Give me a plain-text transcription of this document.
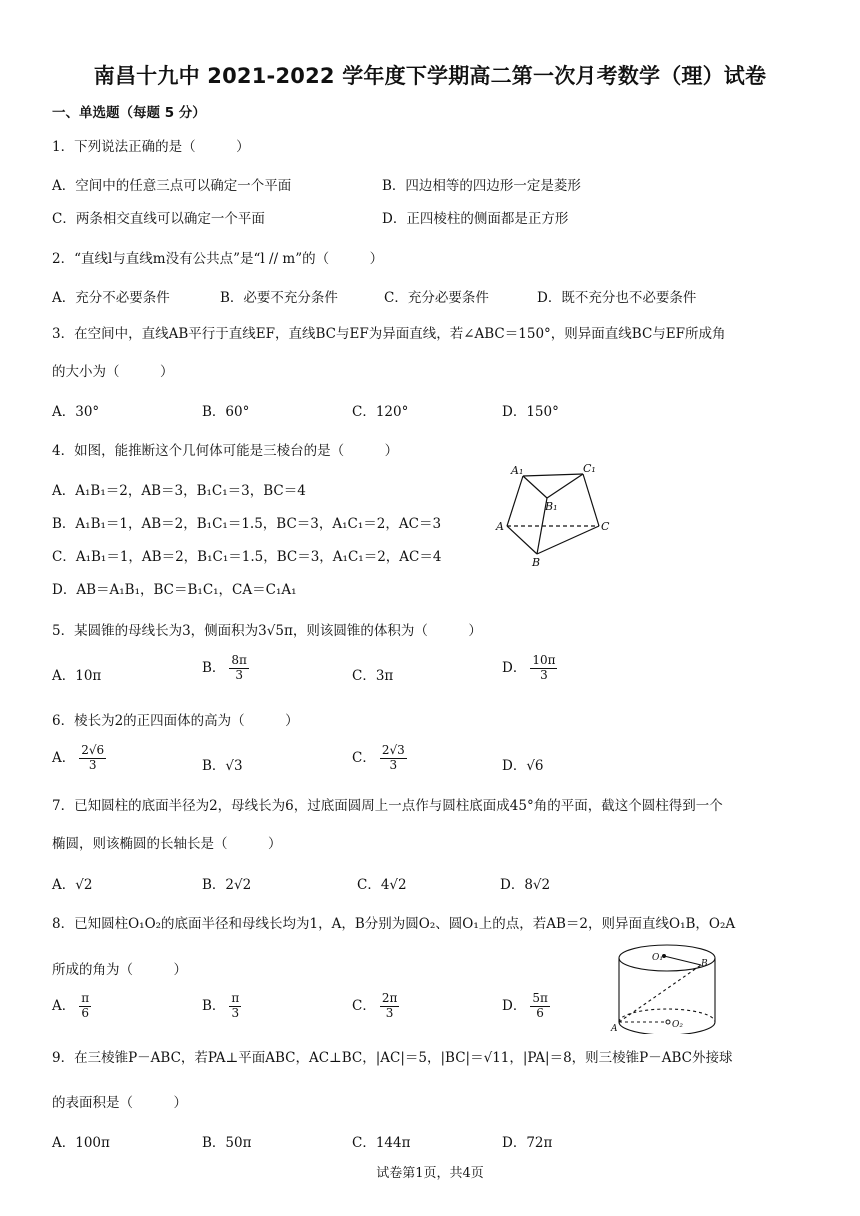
南昌十九中 2021-2022 学年度下学期高二第一次月考数学（理）试卷
一、单选题（每题 5 分）
1．下列说法正确的是（　　　）
A．空间中的任意三点可以确定一个平面	B．四边相等的四边形一定是菱形
C．两条相交直线可以确定一个平面	D．正四棱柱的侧面都是正方形
2．“直线l与直线m没有公共点”是“l // m”的（　　　）
A．充分不必要条件	B．必要不充分条件	C．充分必要条件	D．既不充分也不必要条件
3．在空间中，直线AB平行于直线EF，直线BC与EF为异面直线，若∠ABC＝150°，则异面直线BC与EF所成角
的大小为（　　　）
A．30°	B．60°	C．120°	D．150°
4．如图，能推断这个几何体可能是三棱台的是（　　　）
A．A₁B₁＝2，AB＝3，B₁C₁＝3，BC＝4
B．A₁B₁＝1，AB＝2，B₁C₁＝1.5，BC＝3，A₁C₁＝2，AC＝3
C．A₁B₁＝1，AB＝2，B₁C₁＝1.5，BC＝3，A₁C₁＝2，AC＝4
D．AB＝A₁B₁，BC＝B₁C₁，CA＝C₁A₁
A₁	C₁
B₁
A	C
B
5．某圆锥的母线长为3，侧面积为3√5π，则该圆锥的体积为（　　　）
A．10π
B． $\frac{8\pi}{3}$	C．3π
D． $\frac{10\pi}{3}$
6．棱长为2的正四面体的高为（　　　）
A． $\frac{2√6}{3}$	B．√3
C． $\frac{2√3}{3}$	D．√6
7．已知圆柱的底面半径为2，母线长为6，过底面圆周上一点作与圆柱底面成45°角的平面，截这个圆柱得到一个
椭圆，则该椭圆的长轴长是（　　　）
A．√2	B．2√2	C．4√2	D．8√2
8．已知圆柱O₁O₂的底面半径和母线长均为1，A，B分别为圆O₂、圆O₁上的点，若AB＝2，则异面直线O₁B，O₂A
所成的角为（　　　）
A． $\frac{\pi}{6}$	B． $\frac{\pi}{3}$	C． $\frac{2\pi}{3}$	D． $\frac{5\pi}{6}$
O₁
B
A	O₂
9．在三棱锥P－ABC，若PA⊥平面ABC，AC⊥BC，|AC|＝5，|BC|＝√11，|PA|＝8，则三棱锥P－ABC外接球
的表面积是（　　　）
A．100π	B．50π	C．144π	D．72π
试卷第1页，共4页
